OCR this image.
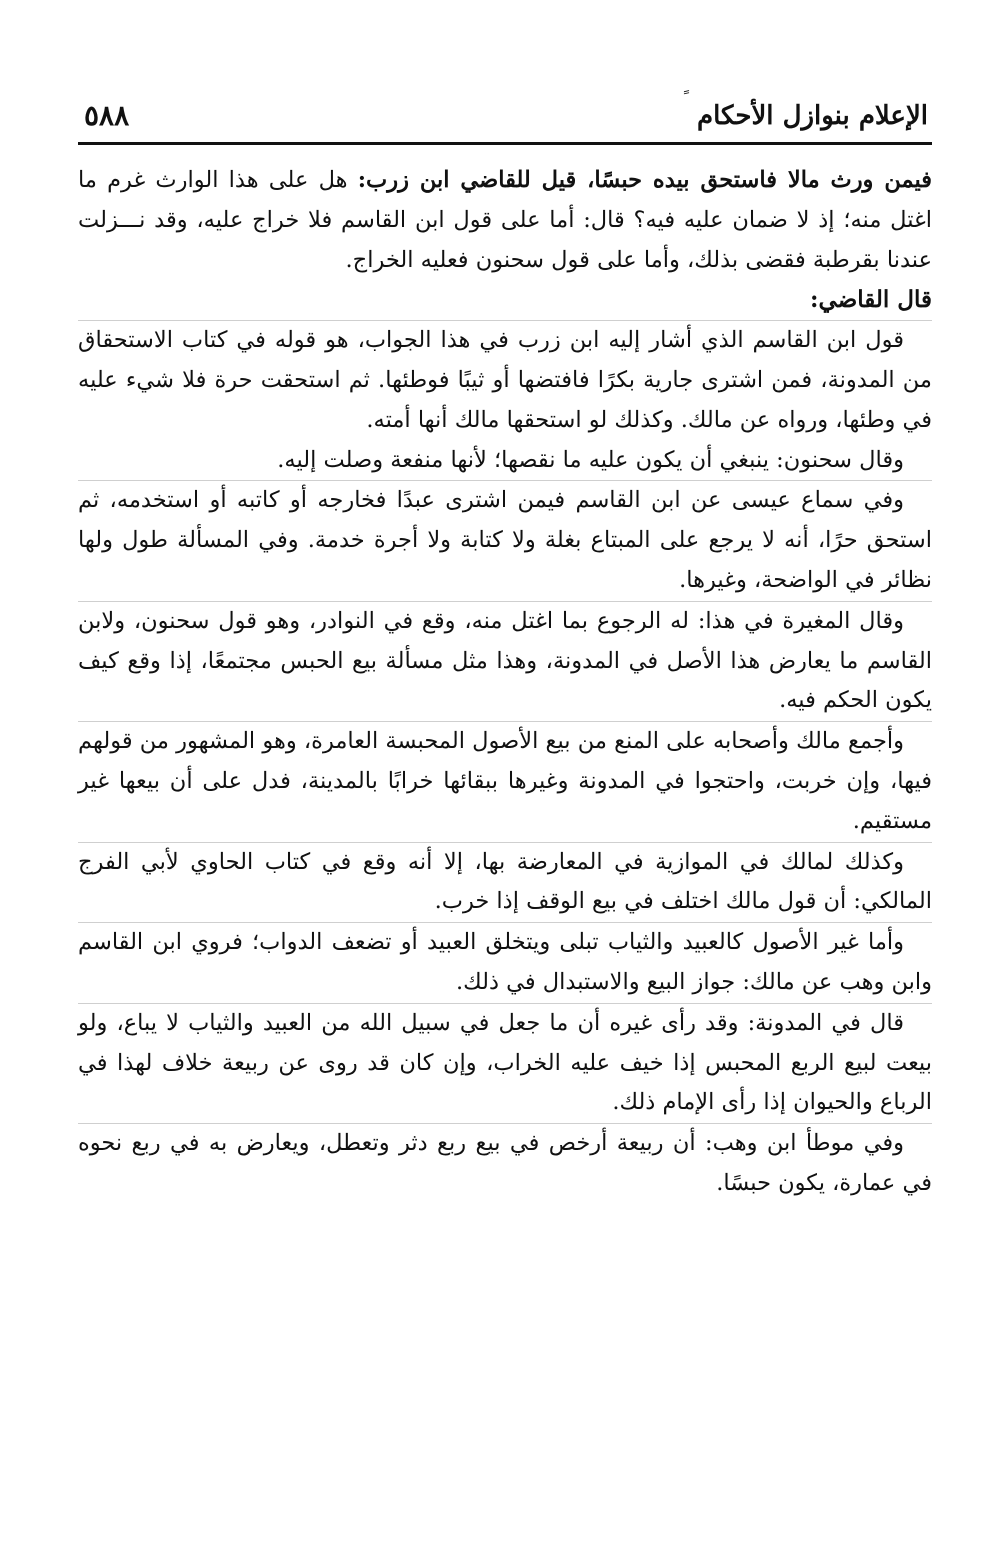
الإعلام بنوازل الأحكام
٥٨٨

فيمن ورث مالا فاستحق بيده حبسًا، قيل للقاضي ابن زرب: هل على هذا الوارث غرم ما اغتل منه؛ إذ لا ضمان عليه فيه؟ قال: أما على قول ابن القاسم فلا خراج عليه، وقد نـــزلت عندنا بقرطبة فقضى بذلك، وأما على قول سحنون فعليه الخراج.

قال القاضي:

قول ابن القاسم الذي أشار إليه ابن زرب في هذا الجواب، هو قوله في كتاب الاستحقاق من المدونة، فمن اشترى جارية بكرًا فافتضها أو ثيبًا فوطئها. ثم استحقت حرة فلا شيء عليه في وطئها، ورواه عن مالك. وكذلك لو استحقها مالك أنها أمته.

وقال سحنون: ينبغي أن يكون عليه ما نقصها؛ لأنها منفعة وصلت إليه.

وفي سماع عيسى عن ابن القاسم فيمن اشترى عبدًا فخارجه أو كاتبه أو استخدمه، ثم استحق حرًا، أنه لا يرجع على المبتاع بغلة ولا كتابة ولا أجرة خدمة. وفي المسألة طول ولها نظائر في الواضحة، وغيرها.

وقال المغيرة في هذا: له الرجوع بما اغتل منه، وقع في النوادر، وهو قول سحنون، ولابن القاسم ما يعارض هذا الأصل في المدونة، وهذا مثل مسألة بيع الحبس مجتمعًا، إذا وقع كيف يكون الحكم فيه.

وأجمع مالك وأصحابه على المنع من بيع الأصول المحبسة العامرة، وهو المشهور من قولهم فيها، وإن خربت، واحتجوا في المدونة وغيرها ببقائها خرابًا بالمدينة، فدل على أن بيعها غير مستقيم.

وكذلك لمالك في الموازية في المعارضة بها، إلا أنه وقع في كتاب الحاوي لأبي الفرج المالكي: أن قول مالك اختلف في بيع الوقف إذا خرب.

وأما غير الأصول كالعبيد والثياب تبلى ويتخلق العبيد أو تضعف الدواب؛ فروي ابن القاسم وابن وهب عن مالك: جواز البيع والاستبدال في ذلك.

قال في المدونة: وقد رأى غيره أن ما جعل في سبيل الله من العبيد والثياب لا يباع، ولو بيعت لبيع الربع المحبس إذا خيف عليه الخراب، وإن كان قد روى عن ربيعة خلاف لهذا في الرباع والحيوان إذا رأى الإمام ذلك.

وفي موطأ ابن وهب: أن ربيعة أرخص في بيع ربع دثر وتعطل، ويعارض به في ربع نحوه في عمارة، يكون حبسًا.
